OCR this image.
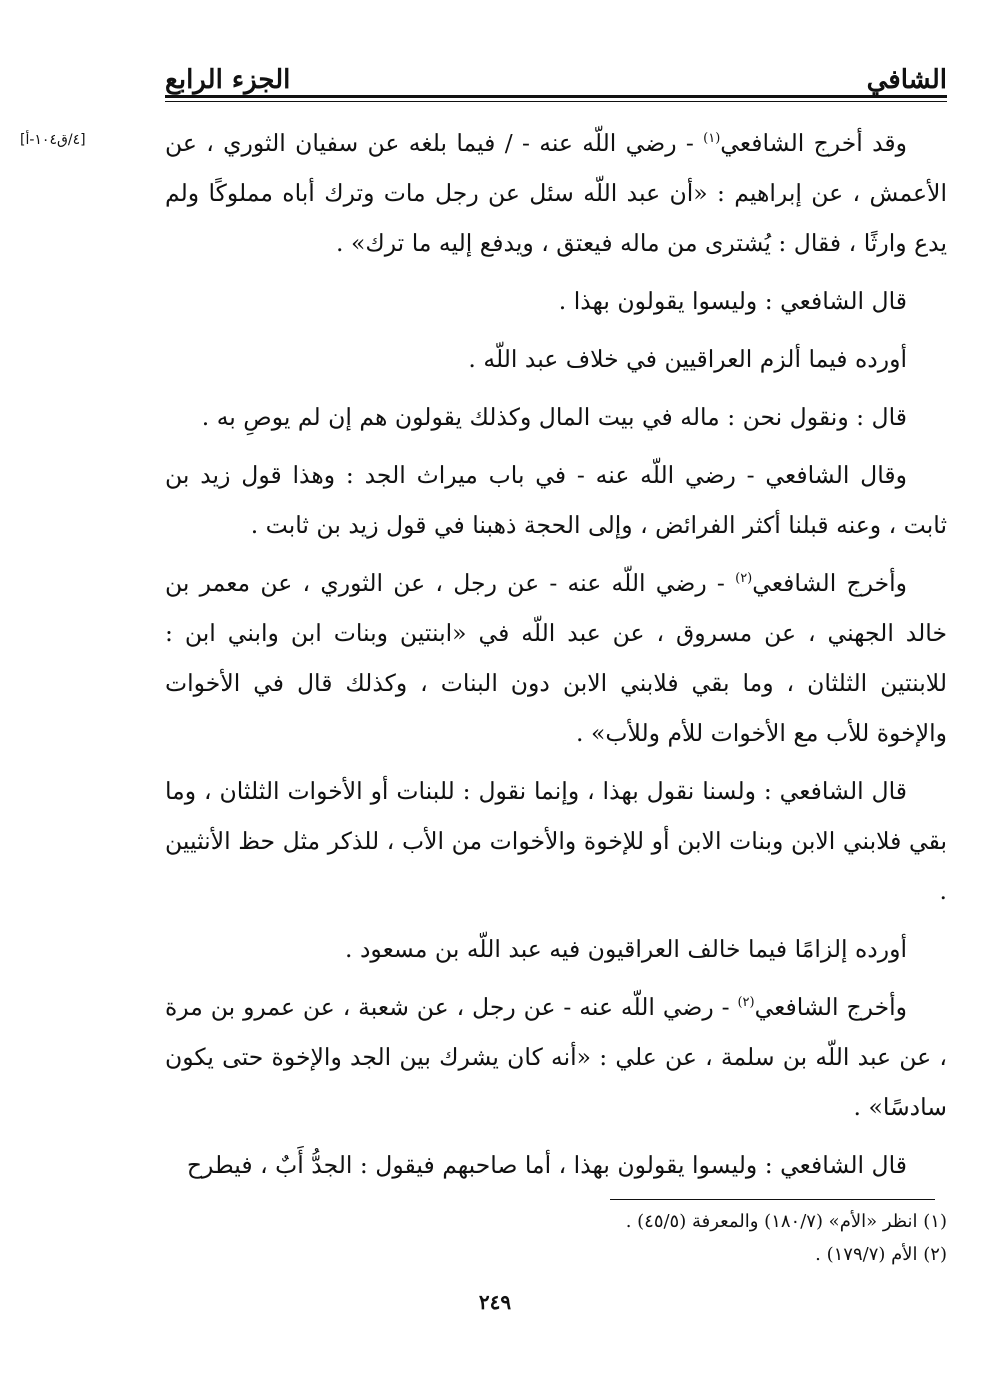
الشافي
الجزء الرابع
[٤/ق١٠٤-أ]	وقد أخرج الشافعي$^{(١)}$ - رضي اللّه عنه - / فيما بلغه عن سفيان الثوري ، عن الأعمش ، عن إبراهيم : «أن عبد اللّه سئل عن رجل مات وترك أباه مملوكًا ولم يدع وارثًا ، فقال : يُشترى من ماله فيعتق ، ويدفع إليه ما ترك» .

قال الشافعي : وليسوا يقولون بهذا .

أورده فيما ألزم العراقيين في خلاف عبد اللّه .

قال : ونقول نحن : ماله في بيت المال وكذلك يقولون هم إن لم يوصِ به .

وقال الشافعي - رضي اللّه عنه - في باب ميراث الجد : وهذا قول زيد بن ثابت ، وعنه قبلنا أكثر الفرائض ، وإلى الحجة ذهبنا في قول زيد بن ثابت .

وأخرج الشافعي$^{(٢)}$ - رضي اللّه عنه - عن رجل ، عن الثوري ، عن معمر بن خالد الجهني ، عن مسروق ، عن عبد اللّه في «ابنتين وبنات ابن وابني ابن : للابنتين الثلثان ، وما بقي فلابني الابن دون البنات ، وكذلك قال في الأخوات والإخوة للأب مع الأخوات للأم وللأب» .

قال الشافعي : ولسنا نقول بهذا ، وإنما نقول : للبنات أو الأخوات الثلثان ، وما بقي فلابني الابن وبنات الابن أو للإخوة والأخوات من الأب ، للذكر مثل حظ الأنثيين .

أورده إلزامًا فيما خالف العراقيون فيه عبد اللّه بن مسعود .

وأخرج الشافعي$^{(٢)}$ - رضي اللّه عنه - عن رجل ، عن شعبة ، عن عمرو بن مرة ، عن عبد اللّه بن سلمة ، عن علي : «أنه كان يشرك بين الجد والإخوة حتى يكون سادسًا» .

قال الشافعي : وليسوا يقولون بهذا ، أما صاحبهم فيقول : الجدُّ أَبٌ ، فيطرح

(١) انظر «الأم» (١٨٠/٧) والمعرفة (٤٥/٥) .
(٢) الأم (١٧٩/٧) .
٢٤٩
